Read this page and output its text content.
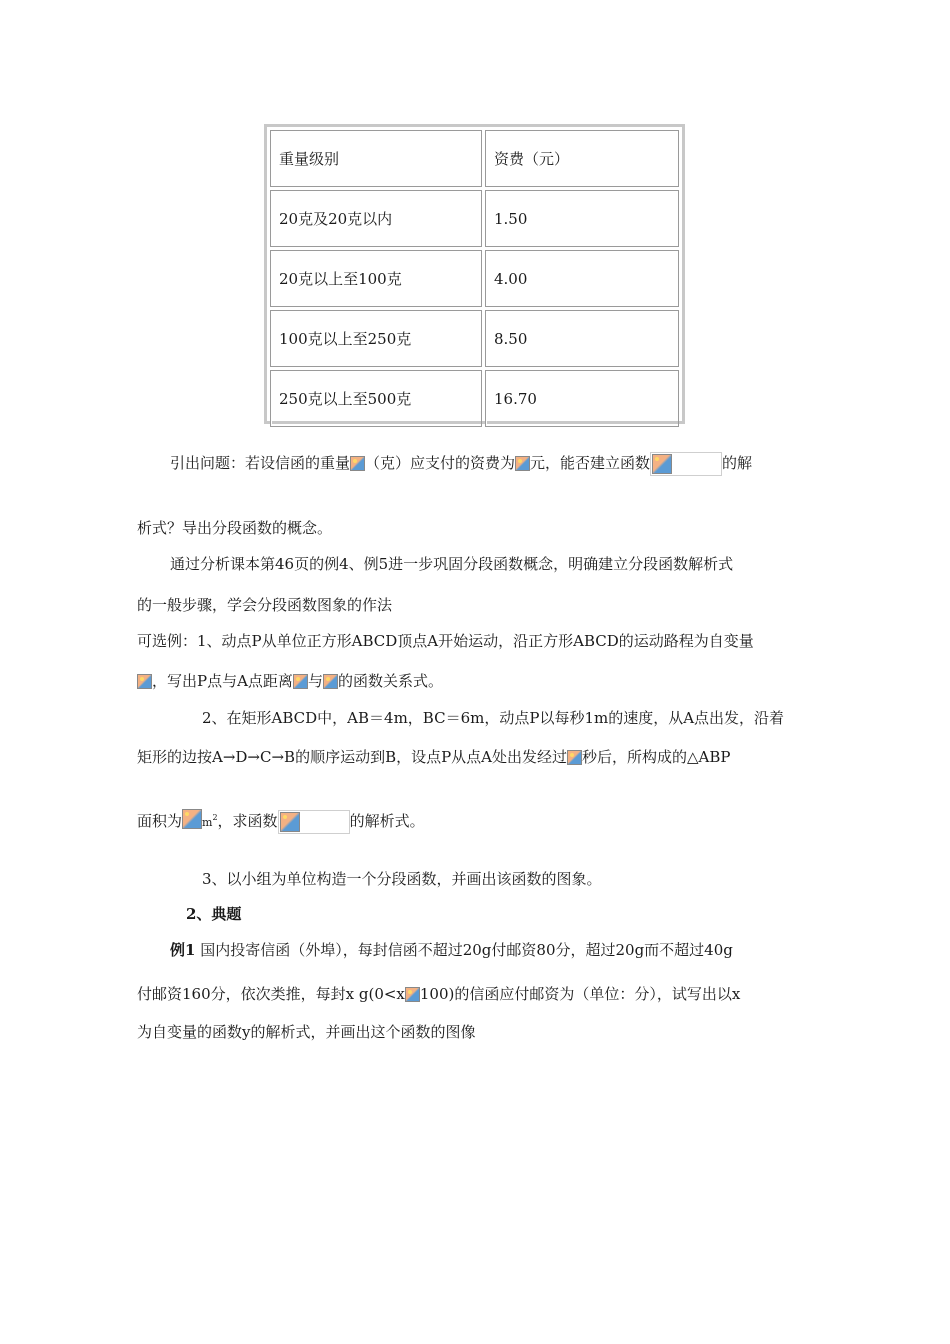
重量级别	资费（元）
20克及20克以内	1.50
20克以上至100克	4.00
100克以上至250克	8.50
250克以上至500克	16.70
引出问题：若设信函的重量 （克）应支付的资费为 元，能否建立函数	的解
析式？导出分段函数的概念。
通过分析课本第46页的例4、例5进一步巩固分段函数概念，明确建立分段函数解析式
的一般步骤，学会分段函数图象的作法
可选例：1、动点P从单位正方形ABCD顶点A开始运动，沿正方形ABCD的运动路程为自变量
，写出P点与A点距离 与 的函数关系式。
2、在矩形ABCD中，AB＝4m，BC＝6m，动点P以每秒1m的速度，从A点出发，沿着
矩形的边按A→D→C→B的顺序运动到B，设点P从点A处出发经过 秒后，所构成的△ABP
面积为 $m^2$，求函数	的解析式。
3、以小组为单位构造一个分段函数，并画出该函数的图象。
2、典题
例1 国内投寄信函（外埠），每封信函不超过20g付邮资80分，超过20g而不超过40g
付邮资160分，依次类推，每封x g(0<x 100)的信函应付邮资为（单位：分），试写出以x
为自变量的函数y的解析式，并画出这个函数的图像
